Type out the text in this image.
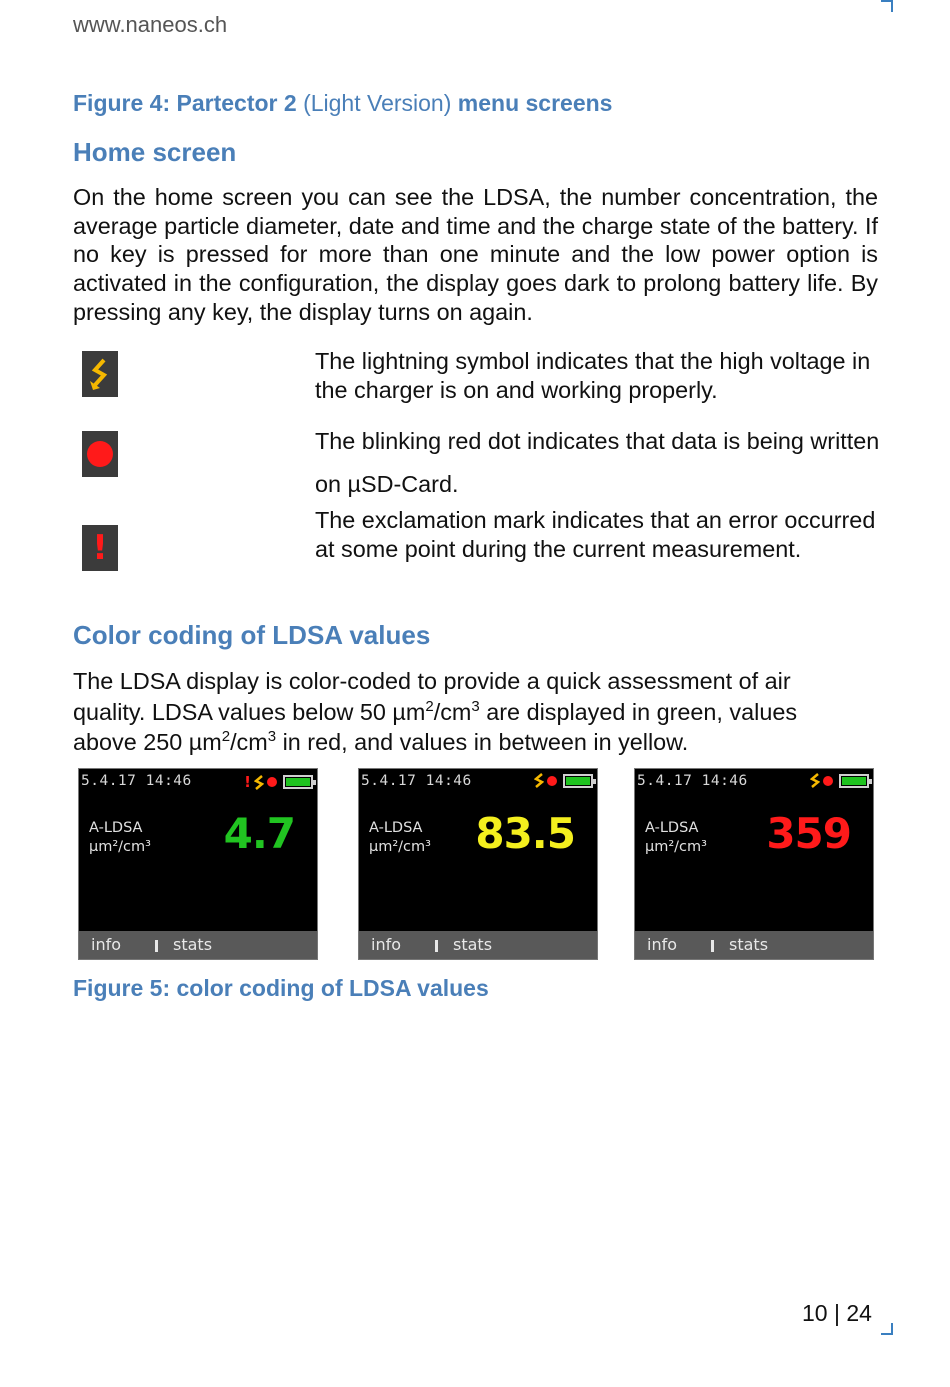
www.naneos.ch
Figure 4: Partector 2 (Light Version) menu screens
Home screen
On the home screen you can see the LDSA, the number concentration, the average particle diameter, date and time and the charge state of the battery. If no key is pressed for more than one minute and the low power option is activated in the configuration, the display goes dark to prolong battery life. By pressing any key, the display turns on again.
The lightning symbol indicates that the high voltage in the charger is on and working properly.
The blinking red dot indicates that data is being written on µSD-Card.
!
The exclamation mark indicates that an error occurred at some point during the current measurement.
Color coding of LDSA values
The LDSA display is color-coded to provide a quick assessment of air
quality. LDSA values below 50 $\mu m^2/cm^3$ are displayed in green, values
above 250 $\mu m^2/cm^3$ in red, and values in between in yellow.
5.4.17 14:46	!
A-LDSA
µm²/cm³ 4.7
info	stats
5.4.17 14:46
A-LDSA
µm²/cm³ 83.5
info	stats
5.4.17 14:46
A-LDSA
µm²/cm³ 359
info	stats
Figure 5: color coding of LDSA values
10 | 24
